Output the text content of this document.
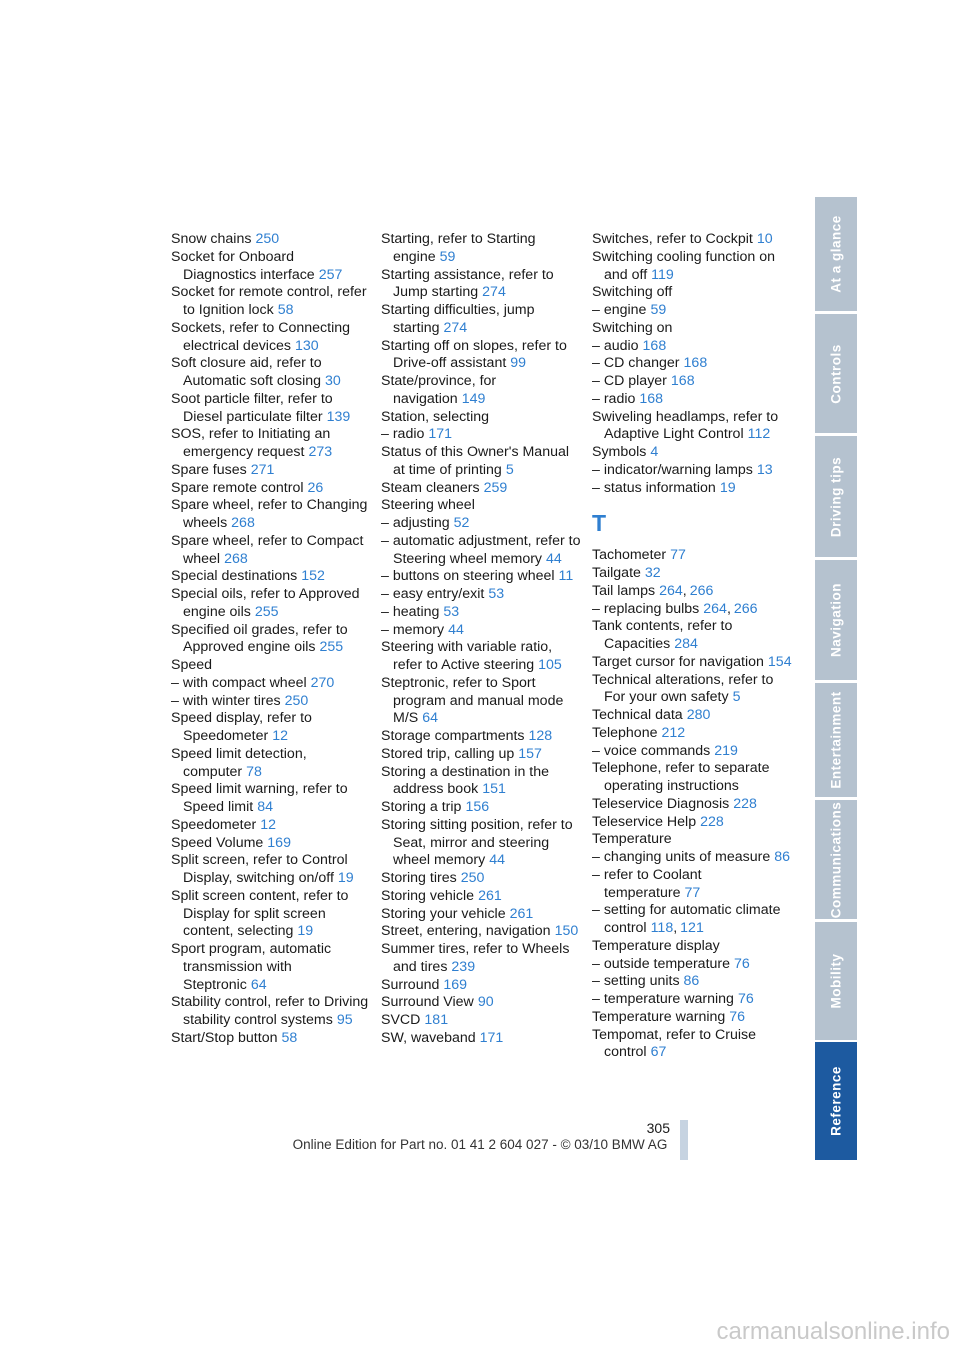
Snow chains 250
Socket for Onboard Diagnostics interface 257
Socket for remote control, refer to Ignition lock 58
Sockets, refer to Connecting electrical devices 130
Soft closure aid, refer to Automatic soft closing 30
Soot particle filter, refer to Diesel particulate filter 139
SOS, refer to Initiating an emergency request 273
Spare fuses 271
Spare remote control 26
Spare wheel, refer to Changing wheels 268
Spare wheel, refer to Compact wheel 268
Special destinations 152
Special oils, refer to Approved engine oils 255
Specified oil grades, refer to Approved engine oils 255
Speed
– with compact wheel 270
– with winter tires 250
Speed display, refer to Speedometer 12
Speed limit detection, computer 78
Speed limit warning, refer to Speed limit 84
Speedometer 12
Speed Volume 169
Split screen, refer to Control Display, switching on/off 19
Split screen content, refer to Display for split screen content, selecting 19
Sport program, automatic transmission with Steptronic 64
Stability control, refer to Driving stability control systems 95
Start/Stop button 58
Starting, refer to Starting engine 59
Starting assistance, refer to Jump starting 274
Starting difficulties, jump starting 274
Starting off on slopes, refer to Drive-off assistant 99
State/province, for navigation 149
Station, selecting
– radio 171
Status of this Owner's Manual at time of printing 5
Steam cleaners 259
Steering wheel
– adjusting 52
– automatic adjustment, refer to Steering wheel memory 44
– buttons on steering wheel 11
– easy entry/exit 53
– heating 53
– memory 44
Steering with variable ratio, refer to Active steering 105
Steptronic, refer to Sport program and manual mode M/S 64
Storage compartments 128
Stored trip, calling up 157
Storing a destination in the address book 151
Storing a trip 156
Storing sitting position, refer to Seat, mirror and steering wheel memory 44
Storing tires 250
Storing vehicle 261
Storing your vehicle 261
Street, entering, navigation 150
Summer tires, refer to Wheels and tires 239
Surround 169
Surround View 90
SVCD 181
SW, waveband 171
Switches, refer to Cockpit 10
Switching cooling function on and off 119
Switching off
– engine 59
Switching on
– audio 168
– CD changer 168
– CD player 168
– radio 168
Swiveling headlamps, refer to Adaptive Light Control 112
Symbols 4
– indicator/warning lamps 13
– status information 19
T
Tachometer 77
Tailgate 32
Tail lamps 264, 266
– replacing bulbs 264, 266
Tank contents, refer to Capacities 284
Target cursor for navigation 154
Technical alterations, refer to For your own safety 5
Technical data 280
Telephone 212
– voice commands 219
Telephone, refer to separate operating instructions
Teleservice Diagnosis 228
Teleservice Help 228
Temperature
– changing units of measure 86
– refer to Coolant temperature 77
– setting for automatic climate control 118, 121
Temperature display
– outside temperature 76
– setting units 86
– temperature warning 76
Temperature warning 76
Tempomat, refer to Cruise control 67
At a glance
Controls
Driving tips
Navigation
Entertainment
Communications
Mobility
Reference
305
Online Edition for Part no. 01 41 2 604 027 - © 03/10 BMW AG
carmanualsonline.info
